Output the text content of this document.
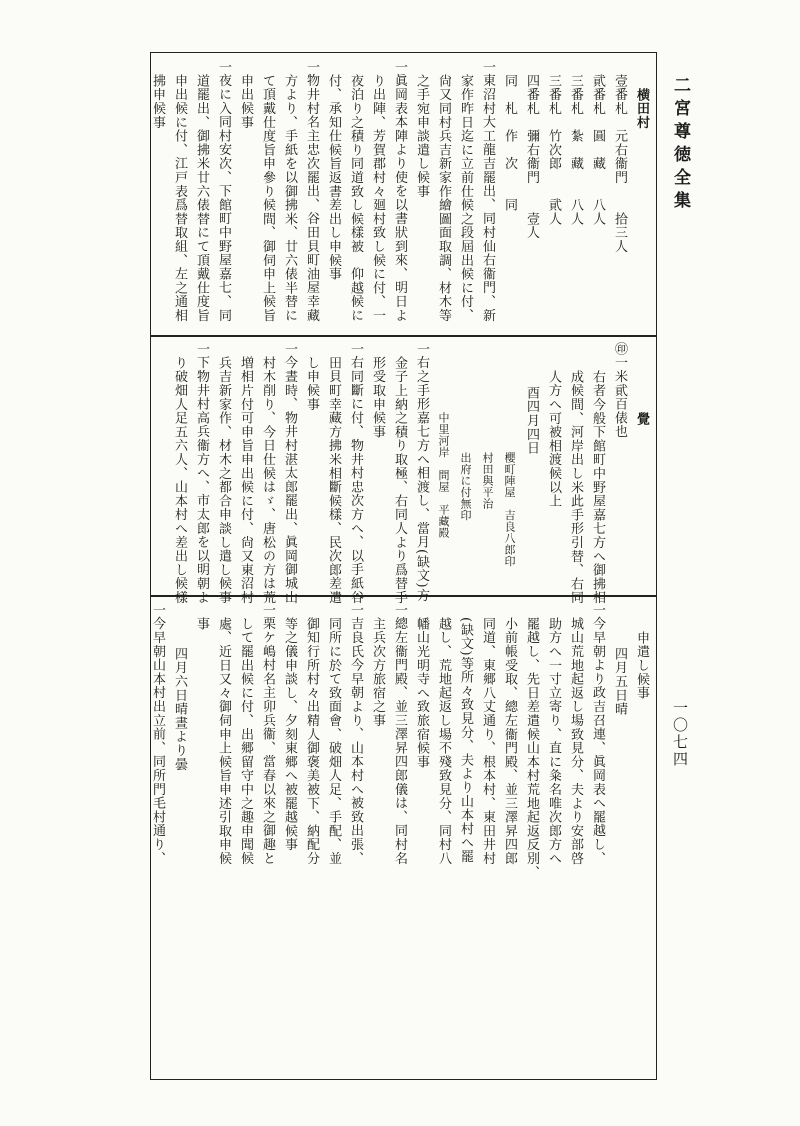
二宮尊徳全集
一〇七四
横田村
壹番札　元右衞門　　拾三人
貮番札　圓　藏　　八人
三番札　紮　藏　　八人
三番札　竹次郎　　貮人
四番札　彌右衞門　　壹人
同　札　作　次　　同
一東沼村大工龍吉罷出、同村仙右衞門、新
家作昨日迄に立前仕候之段屆出候に付、
尙又同村兵吉新家作繪圖面取調、材木等
之手宛申談遣し候事
一眞岡表本陣より使を以書狀到來、明日よ
り出陣、芳賀郡村々廻村致し候に付、一
夜泊り之積り同道致し候樣被　仰越候に
付、承知仕候旨返書差出し申候事
一物井村名主忠次罷出、谷田貝町油屋幸藏
方より、手紙を以御拂米、廿六俵半替に
て頂戴仕度旨申參り候間、御伺申上候旨
申出候事
一夜に入同村安次、下館町中野屋嘉七、同
道罷出、御拂米廿六俵替にて頂戴仕度旨
申出候に付、江戸表爲替取組、左之通相
拂申候事
覺
㊞一米貮百俵也
右者今般下館町中野屋嘉七方へ御拂相
成候間、河岸出し米此手形引替、右同
人方へ可被相渡候以上
酉四月四日
櫻町陣屋　吉良八郎印
村田與平治
出府に付無印
中里河岸　問屋　平藏殿
一右之手形嘉七方へ相渡し、當月(缺文)方
金子上納之積り取極、右同人より爲替手
形受取申候事
一右同斷に付、物井村忠次方へ、以手紙谷
田貝町幸藏方拂米相斷候樣、民次郎差遣
し申候事
一今晝時、物井村湛太郎罷出、眞岡御城山
村木削り、今日仕候はゞ、唐松の方は荒
増相片付可申旨申出候に付、尙又東沼村
兵吉新家作、材木之都合申談し遣し候事
一下物井村高兵衞方へ、市太郎を以明朝よ
り破畑人足五六人、山本村へ差出し候樣
申遣し候事
四月五日晴
一今早朝より政吉召連、眞岡表へ罷越し、
城山荒地起返し場致見分、夫より安部啓
助方へ一寸立寄り、直に粂名唯次郎方へ
罷越し、先日差遣候山本村荒地起返反別、
小前帳受取、總左衞門殿、並三澤昇四郎
同道、東郷八丈通り、根本村、東田井村
(缺文)等所々致見分、夫より山本村へ罷
越し、荒地起返し場不殘致見分、同村八
幡山光明寺へ致旅宿候事
一總左衞門殿、並三澤昇四郎儀は、同村名
主兵次方旅宿之事
一吉良氏今早朝より、山本村へ被致出張、
同所に於て致面會、破畑人足、手配、並
御知行所村々出精人御褒美被下、納配分
等之儀申談し、夕刻東郷へ被罷越候事
一栗ケ嶋村名主卯兵衞、當春以來之御趣と
して罷出候に付、出郷留守中之趣申聞候
處、近日又々御伺申上候旨申述引取申候
事
四月六日晴晝より曇
一今早朝山本村出立前、同所門毛村通り、
